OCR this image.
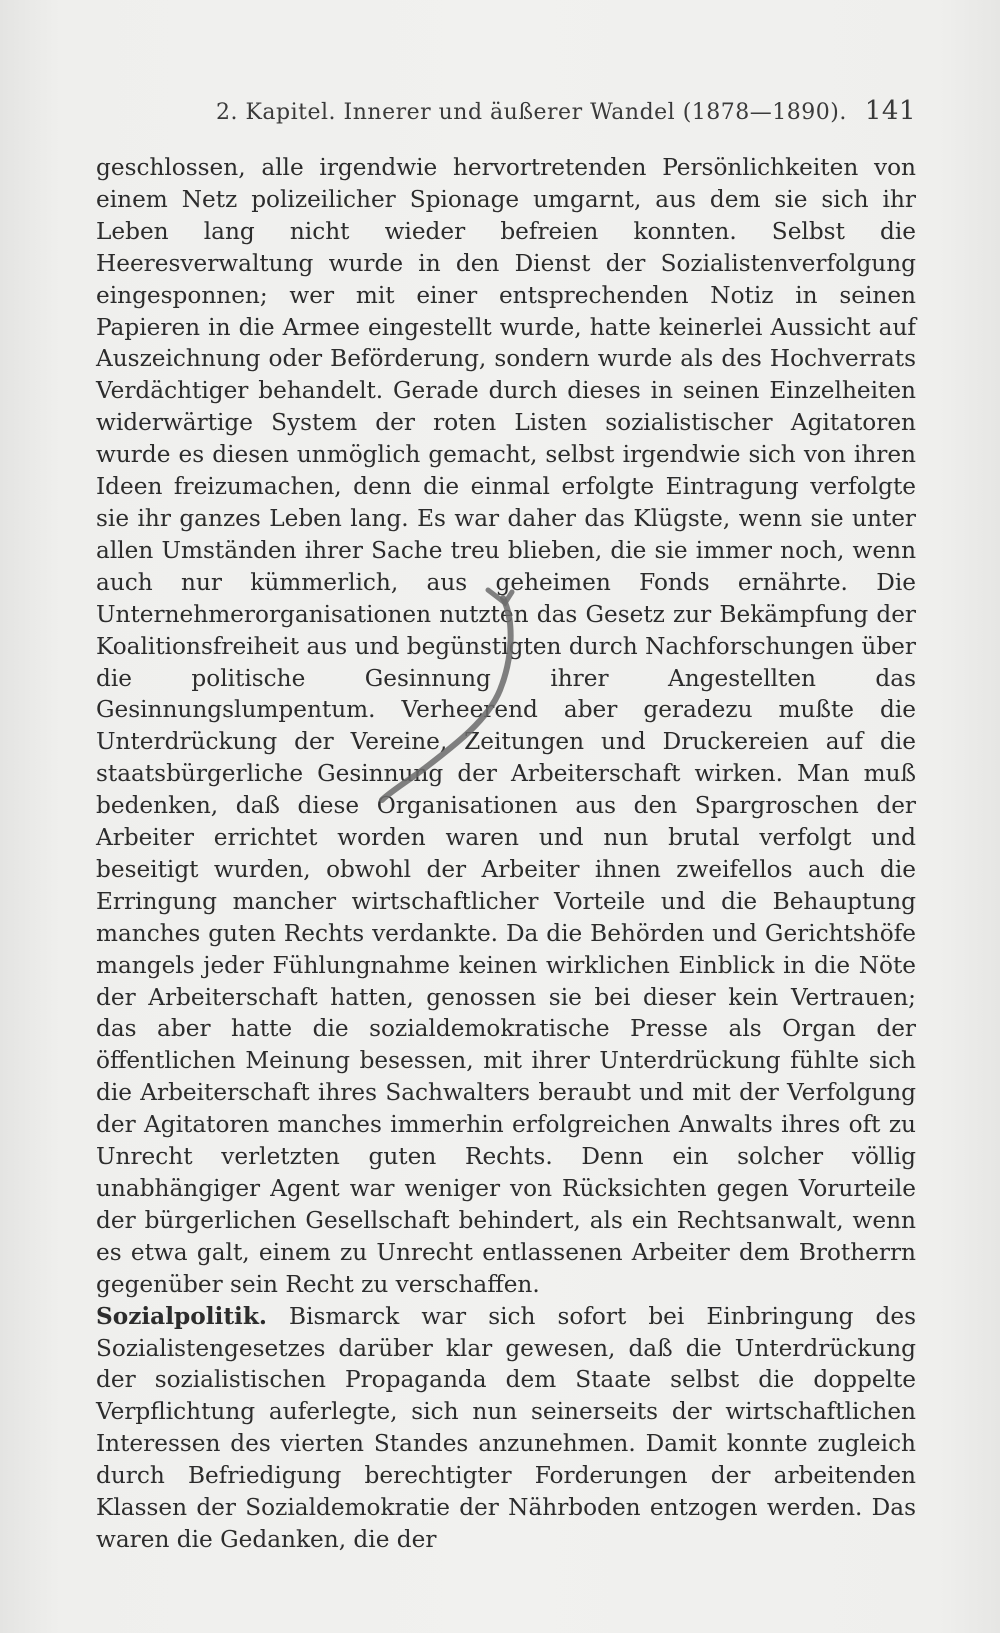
2. Kapitel. Innerer und äußerer Wandel (1878—1890). 141

geschlossen, alle irgendwie hervortretenden Persönlichkeiten von einem Netz polizeilicher Spionage umgarnt, aus dem sie sich ihr Leben lang nicht wieder befreien konnten. Selbst die Heeresverwaltung wurde in den Dienst der Sozialistenverfolgung eingesponnen; wer mit einer entsprechenden Notiz in seinen Papieren in die Armee eingestellt wurde, hatte keinerlei Aussicht auf Auszeichnung oder Beförderung, sondern wurde als des Hochverrats Verdächtiger behandelt. Gerade durch dieses in seinen Einzelheiten widerwärtige System der roten Listen sozialistischer Agitatoren wurde es diesen unmöglich gemacht, selbst irgendwie sich von ihren Ideen freizumachen, denn die einmal erfolgte Eintragung verfolgte sie ihr ganzes Leben lang. Es war daher das Klügste, wenn sie unter allen Umständen ihrer Sache treu blieben, die sie immer noch, wenn auch nur kümmerlich, aus geheimen Fonds ernährte. Die Unternehmerorganisationen nutzten das Gesetz zur Bekämpfung der Koalitionsfreiheit aus und begünstigten durch Nachforschungen über die politische Gesinnung ihrer Angestellten das Gesinnungslumpentum. Verheerend aber geradezu mußte die Unterdrückung der Vereine, Zeitungen und Druckereien auf die staatsbürgerliche Gesinnung der Arbeiterschaft wirken. Man muß bedenken, daß diese Organisationen aus den Spargroschen der Arbeiter errichtet worden waren und nun brutal verfolgt und beseitigt wurden, obwohl der Arbeiter ihnen zweifellos auch die Erringung mancher wirtschaftlicher Vorteile und die Behauptung manches guten Rechts verdankte. Da die Behörden und Gerichtshöfe mangels jeder Fühlungnahme keinen wirklichen Einblick in die Nöte der Arbeiterschaft hatten, genossen sie bei dieser kein Vertrauen; das aber hatte die sozialdemokratische Presse als Organ der öffentlichen Meinung besessen, mit ihrer Unterdrückung fühlte sich die Arbeiterschaft ihres Sachwalters beraubt und mit der Verfolgung der Agitatoren manches immerhin erfolgreichen Anwalts ihres oft zu Unrecht verletzten guten Rechts. Denn ein solcher völlig unabhängiger Agent war weniger von Rücksichten gegen Vorurteile der bürgerlichen Gesellschaft behindert, als ein Rechtsanwalt, wenn es etwa galt, einem zu Unrecht entlassenen Arbeiter dem Brotherrn gegenüber sein Recht zu verschaffen.

Sozialpolitik. Bismarck war sich sofort bei Einbringung des Sozialistengesetzes darüber klar gewesen, daß die Unterdrückung der sozialistischen Propaganda dem Staate selbst die doppelte Verpflichtung auferlegte, sich nun seinerseits der wirtschaftlichen Interessen des vierten Standes anzunehmen. Damit konnte zugleich durch Befriedigung berechtigter Forderungen der arbeitenden Klassen der Sozialdemokratie der Nährboden entzogen werden. Das waren die Gedanken, die der
